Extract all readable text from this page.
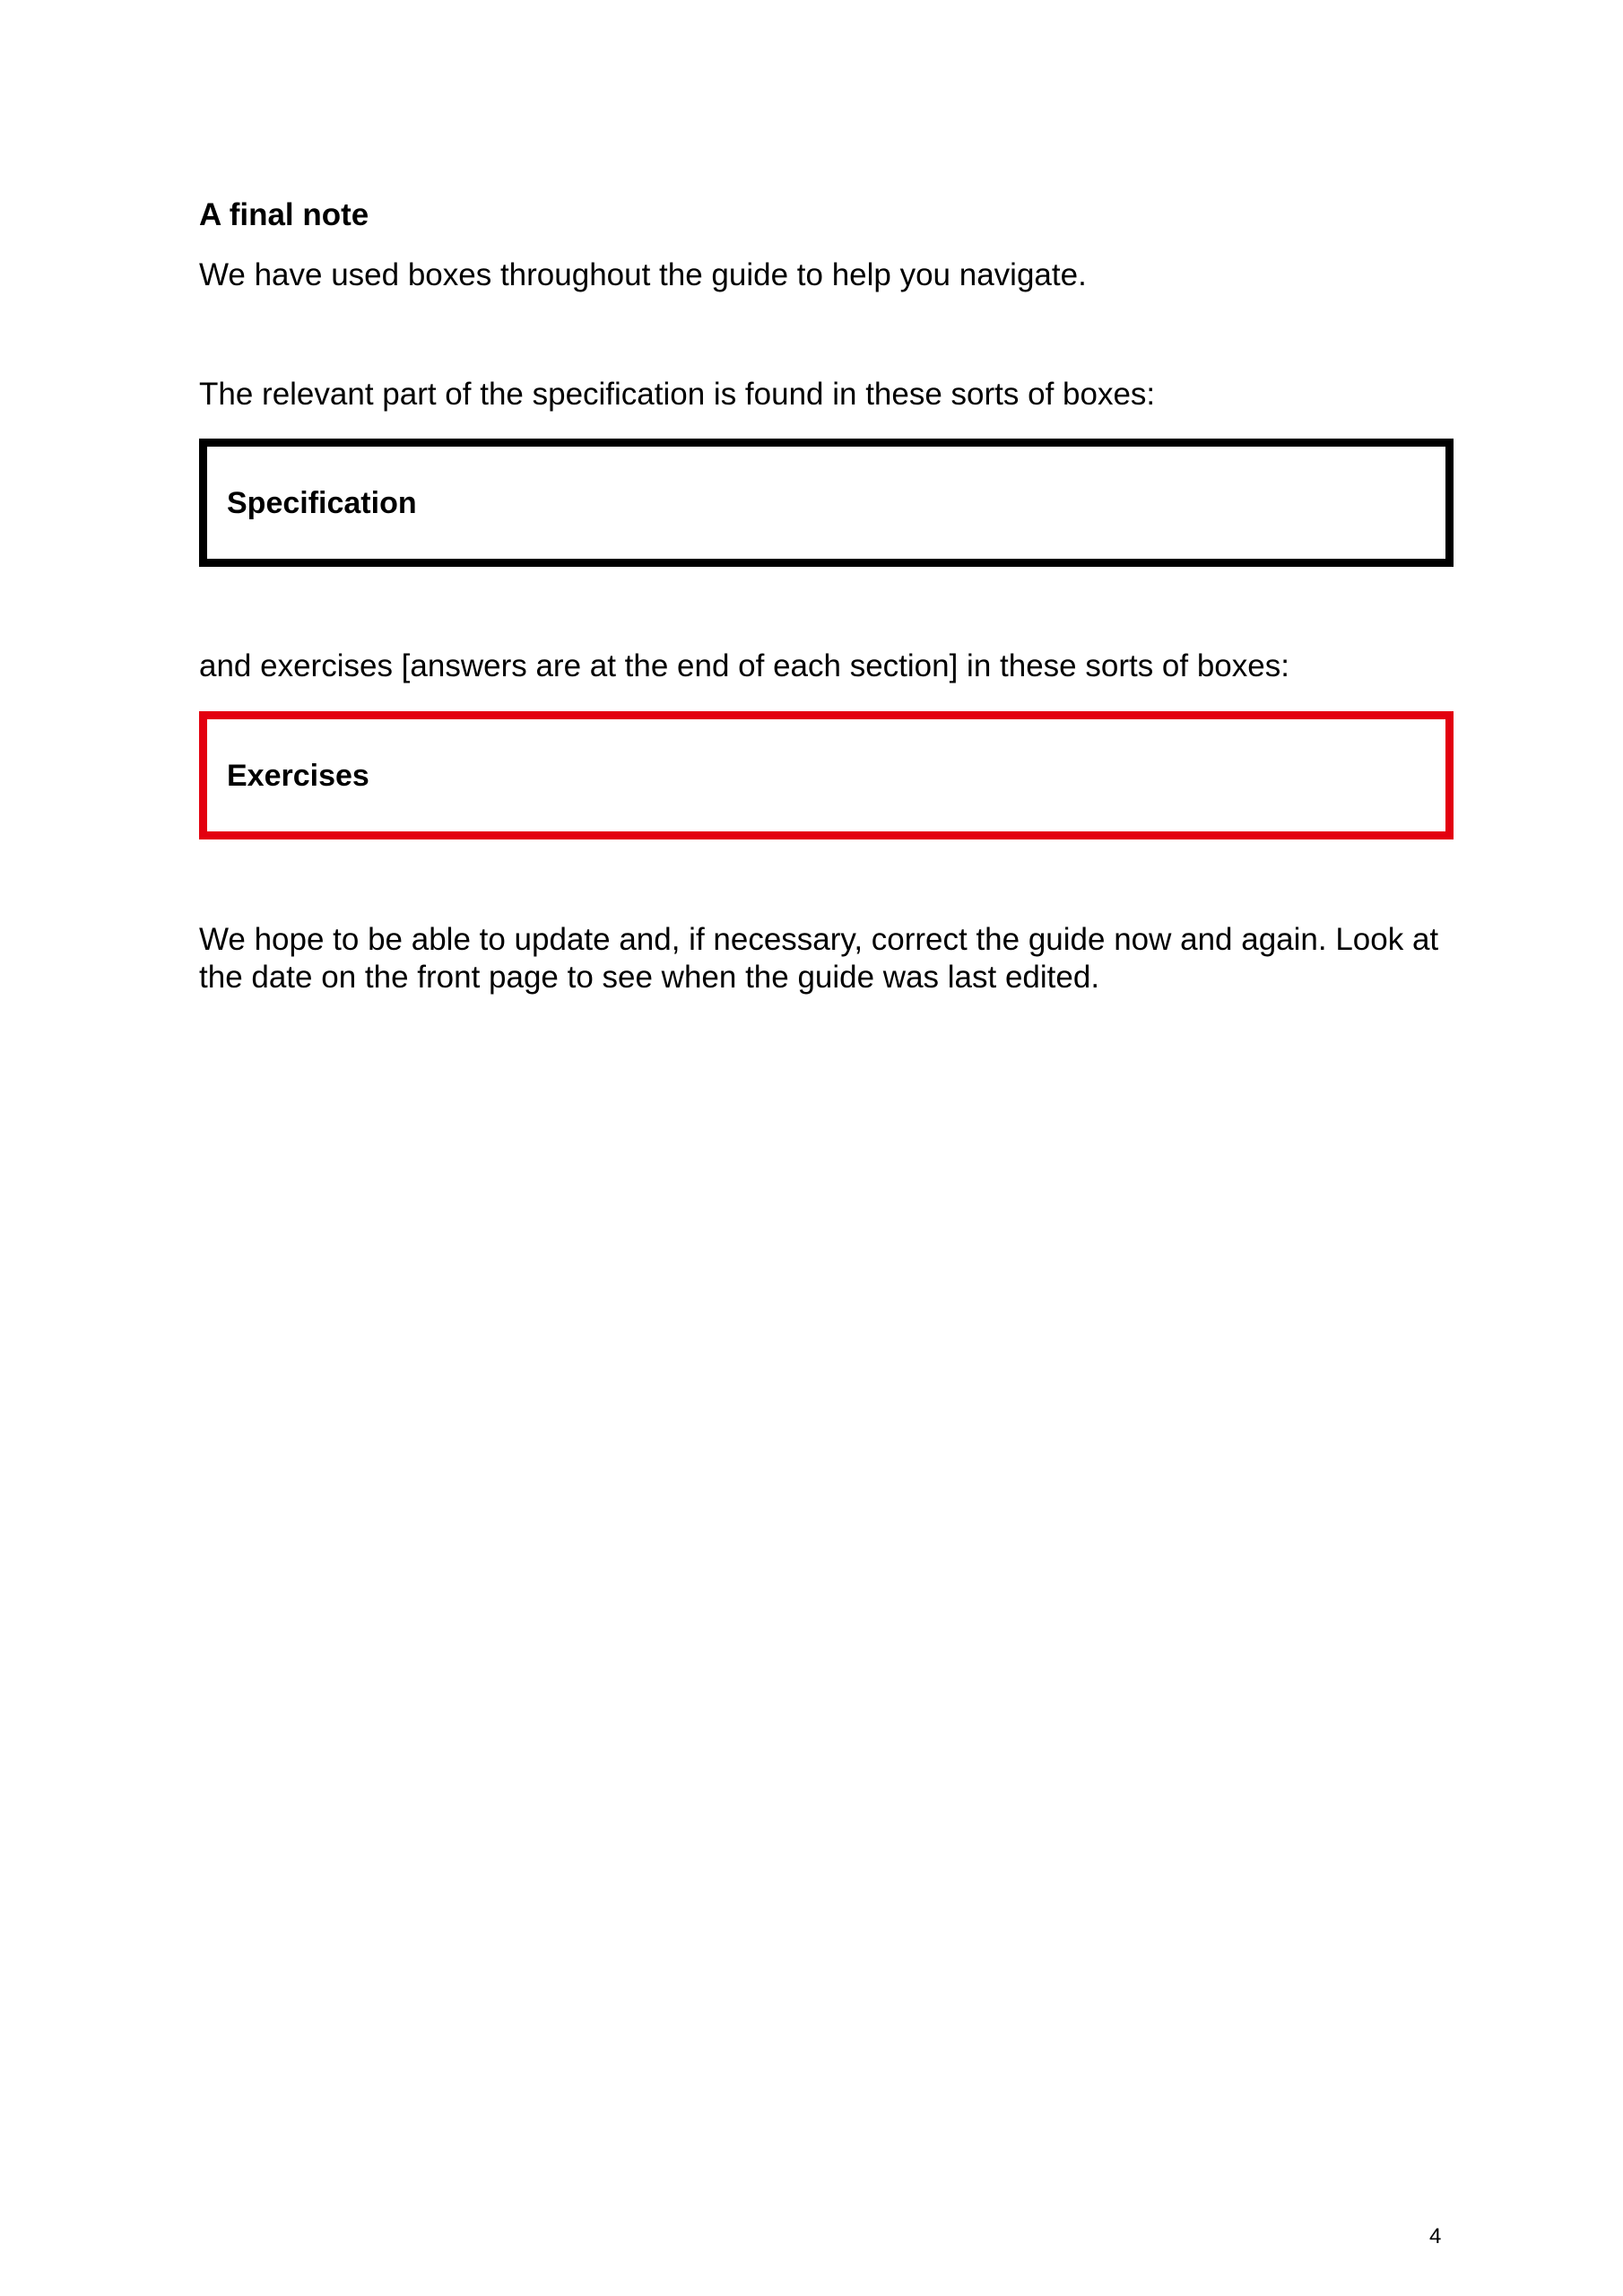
A final note
We have used boxes throughout the guide to help you navigate.
The relevant part of the specification is found in these sorts of boxes:
Specification
and exercises [answers are at the end of each section] in these sorts of boxes:
Exercises
We hope to be able to update and, if necessary, correct the guide now and again. Look at the date on the front page to see when the guide was last edited.
4
